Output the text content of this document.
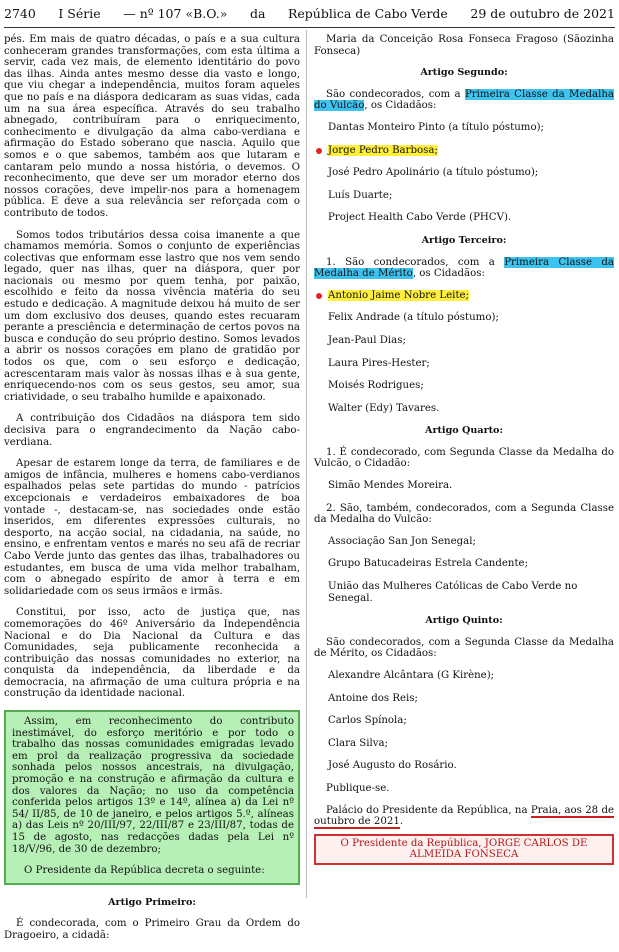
2740 I Série — nº 107 «B.O.» da República de Cabo Verde 29 de outubro de 2021

pés. Em mais de quatro décadas, o país e a sua cultura conheceram grandes transformações, com esta última a servir, cada vez mais, de elemento identitário do povo das ilhas. Ainda antes mesmo desse dia vasto e longo, que viu chegar a independência, muitos foram aqueles que no país e na diáspora dedicaram as suas vidas, cada um na sua área específica. Através do seu trabalho abnegado, contribuíram para o enriquecimento, conhecimento e divulgação da alma cabo-verdiana e afirmação do Estado soberano que nascia. Aquilo que somos e o que sabemos, também aos que lutaram e cantaram pelo mundo a nossa história, o devemos. O reconhecimento, que deve ser um morador eterno dos nossos corações, deve impelir-nos para a homenagem pública. E deve a sua relevância ser reforçada com o contributo de todos.

Somos todos tributários dessa coisa imanente a que chamamos memória. Somos o conjunto de experiências colectivas que enformam esse lastro que nos vem sendo legado, quer nas ilhas, quer na diáspora, quer por nacionais ou mesmo por quem tenha, por paixão, escolhido e feito da nossa vivência matéria do seu estudo e dedicação. A magnitude deixou há muito de ser um dom exclusivo dos deuses, quando estes recuaram perante a presciência e determinação de certos povos na busca e condução do seu próprio destino. Somos levados a abrir os nossos corações em plano de gratidão por todos os que, com o seu esforço e dedicação, acrescentaram mais valor às nossas ilhas e à sua gente, enriquecendo-nos com os seus gestos, seu amor, sua criatividade, o seu trabalho humilde e apaixonado.

A contribuição dos Cidadãos na diáspora tem sido decisiva para o engrandecimento da Nação cabo-verdiana.

Apesar de estarem longe da terra, de familiares e de amigos de infância, mulheres e homens cabo-verdianos espalhados pelas sete partidas do mundo - patrícios excepcionais e verdadeiros embaixadores de boa vontade -, destacam-se, nas sociedades onde estão inseridos, em diferentes expressões culturais, no desporto, na acção social, na cidadania, na saúde, no ensino, e enfrentam ventos e marés no seu afã de recriar Cabo Verde junto das gentes das ilhas, trabalhadores ou estudantes, em busca de uma vida melhor trabalham, com o abnegado espírito de amor à terra e em solidariedade com os seus irmãos e irmãs.

Constitui, por isso, acto de justiça que, nas comemorações do 46º Aniversário da Independência Nacional e do Dia Nacional da Cultura e das Comunidades, seja publicamente reconhecida a contribuição das nossas comunidades no exterior, na conquista da independência, da liberdade e da democracia, na afirmação de uma cultura própria e na construção da identidade nacional.

Assim, em reconhecimento do contributo inestimável, do esforço meritório e por todo o trabalho das nossas comunidades emigradas levado em prol da realização progressiva da sociedade sonhada pelos nossos ancestrais, na divulgação, promoção e na construção e afirmação da cultura e dos valores da Nação; no uso da competência conferida pelos artigos 13º e 14º, alínea a) da Lei nº 54/ II/85, de 10 de janeiro, e pelos artigos 5.º, alíneas a) das Leis nº 20/III/97, 22/III/87 e 23/III/87, todas de 15 de agosto, nas redacções dadas pela Lei nº 18/V/96, de 30 de dezembro;

O Presidente da República decreta o seguinte:

Artigo Primeiro:

É condecorada, com o Primeiro Grau da Ordem do Dragoeiro, a cidadã:

Maria da Conceição Rosa Fonseca Fragoso (Sãozinha Fonseca)

Artigo Segundo:

São condecorados, com a Primeira Classe da Medalha do Vulcão, os Cidadãos:

Dantas Monteiro Pinto (a título póstumo);
Jorge Pedro Barbosa;
José Pedro Apolinário (a título póstumo);
Luís Duarte;
Project Health Cabo Verde (PHCV).
Artigo Terceiro:

1. São condecorados, com a Primeira Classe da Medalha de Mérito, os Cidadãos:

Antonio Jaime Nobre Leite;
Felix Andrade (a título póstumo);
Jean-Paul Dias;
Laura Pires-Hester;
Moisés Rodrigues;
Walter (Edy) Tavares.
Artigo Quarto:

1. É condecorado, com Segunda Classe da Medalha do Vulcão, o Cidadão:

Simão Mendes Moreira.

2. São, também, condecorados, com a Segunda Classe da Medalha do Vulcão:

Associação San Jon Senegal;
Grupo Batucadeiras Estrela Candente;
União das Mulheres Católicas de Cabo Verde no Senegal.
Artigo Quinto:

São condecorados, com a Segunda Classe da Medalha de Mérito, os Cidadãos:

Alexandre Alcântara (G Kirène);
Antoine dos Reis;
Carlos Spínola;
Clara Silva;
José Augusto do Rosário.

Publique-se.

Palácio do Presidente da República, na Praia, aos 28 de outubro de 2021.

O Presidente da República, JORGE CARLOS DE ALMEIDA FONSECA
